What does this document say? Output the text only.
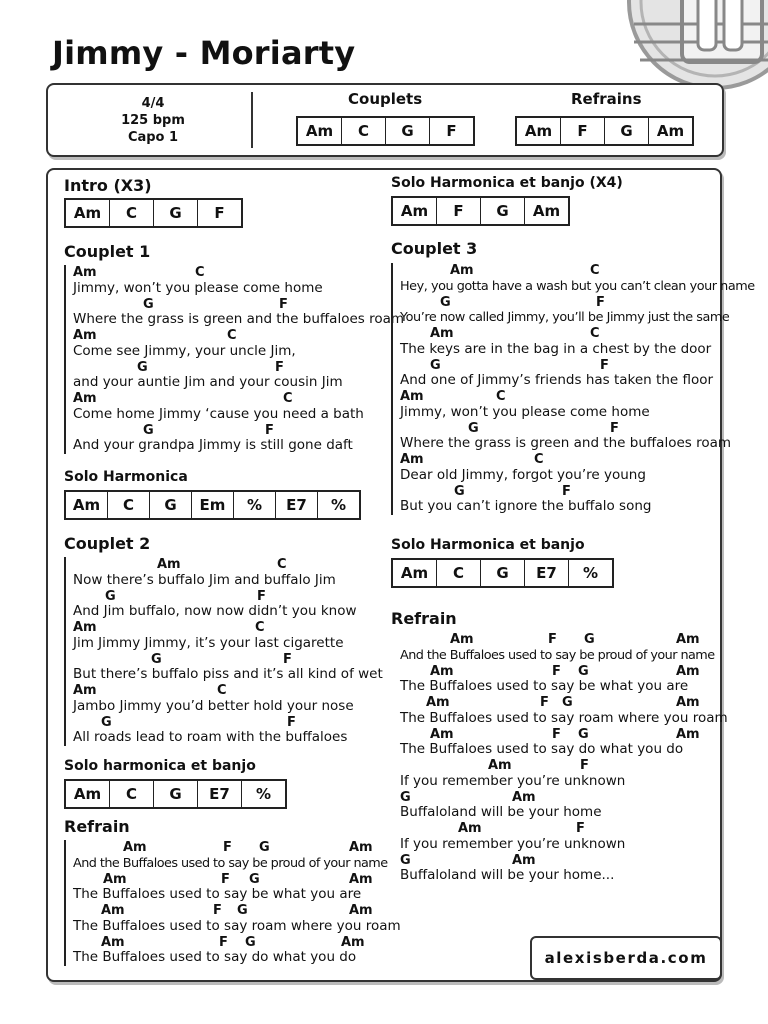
Jimmy - Moriarty
4/4
125 bpm
Capo 1
Couplets
Am	C	G	F
Refrains
Am	F	G	Am
Intro (X3)
Am	C	G	F
Couplet 1
Am	C
Jimmy, won’t you please come home
G	F
Where the grass is green and the buffaloes roam
Am	C
Come see Jimmy, your uncle Jim,
G	F
and your auntie Jim and your cousin Jim
Am	C
Come home Jimmy ‘cause you need a bath
G	F
And your grandpa Jimmy is still gone daft
Solo Harmonica
Am	C	G	Em	%	E7	%
Couplet 2
Am	C
Now there’s buffalo Jim and buffalo Jim
G	F
And Jim buffalo, now now didn’t you know
Am	C
Jim Jimmy Jimmy, it’s your last cigarette
G	F
But there’s buffalo piss and it’s all kind of wet
Am	C
Jambo Jimmy you’d better hold your nose
G	F
All roads lead to roam with the buffaloes
Solo harmonica et banjo
Am	C	G	E7	%
Refrain
Am	F G	Am
And the Buffaloes used to say be proud of your name
Am	F G	Am
The Buffaloes used to say be what you are
Am	F G	Am
The Buffaloes used to say roam where you roam
Am	F G	Am
The Buffaloes used to say do what you do
Solo Harmonica et banjo (X4)
Am	F	G	Am
Couplet 3
Am	C
Hey, you gotta have a wash but you can’t clean your name
G	F
You’re now called Jimmy, you’ll be Jimmy just the same
Am	C
The keys are in the bag in a chest by the door
G	F
And one of Jimmy’s friends has taken the floor
Am	C
Jimmy, won’t you please come home
G	F
Where the grass is green and the buffaloes roam
Am	C
Dear old Jimmy, forgot you’re young
G	F
But you can’t ignore the buffalo song
Solo Harmonica et banjo
Am	C	G	E7	%
Refrain
Am	F G	Am
And the Buffaloes used to say be proud of your name
Am	F G	Am
The Buffaloes used to say be what you are
Am	F G	Am
The Buffaloes used to say roam where you roam
Am	F G	Am
The Buffaloes used to say do what you do
Am	F
If you remember you’re unknown
G	Am
Buffaloland will be your home
Am	F
If you remember you’re unknown
G	Am
Buffaloland will be your home...
alexisberda.com
